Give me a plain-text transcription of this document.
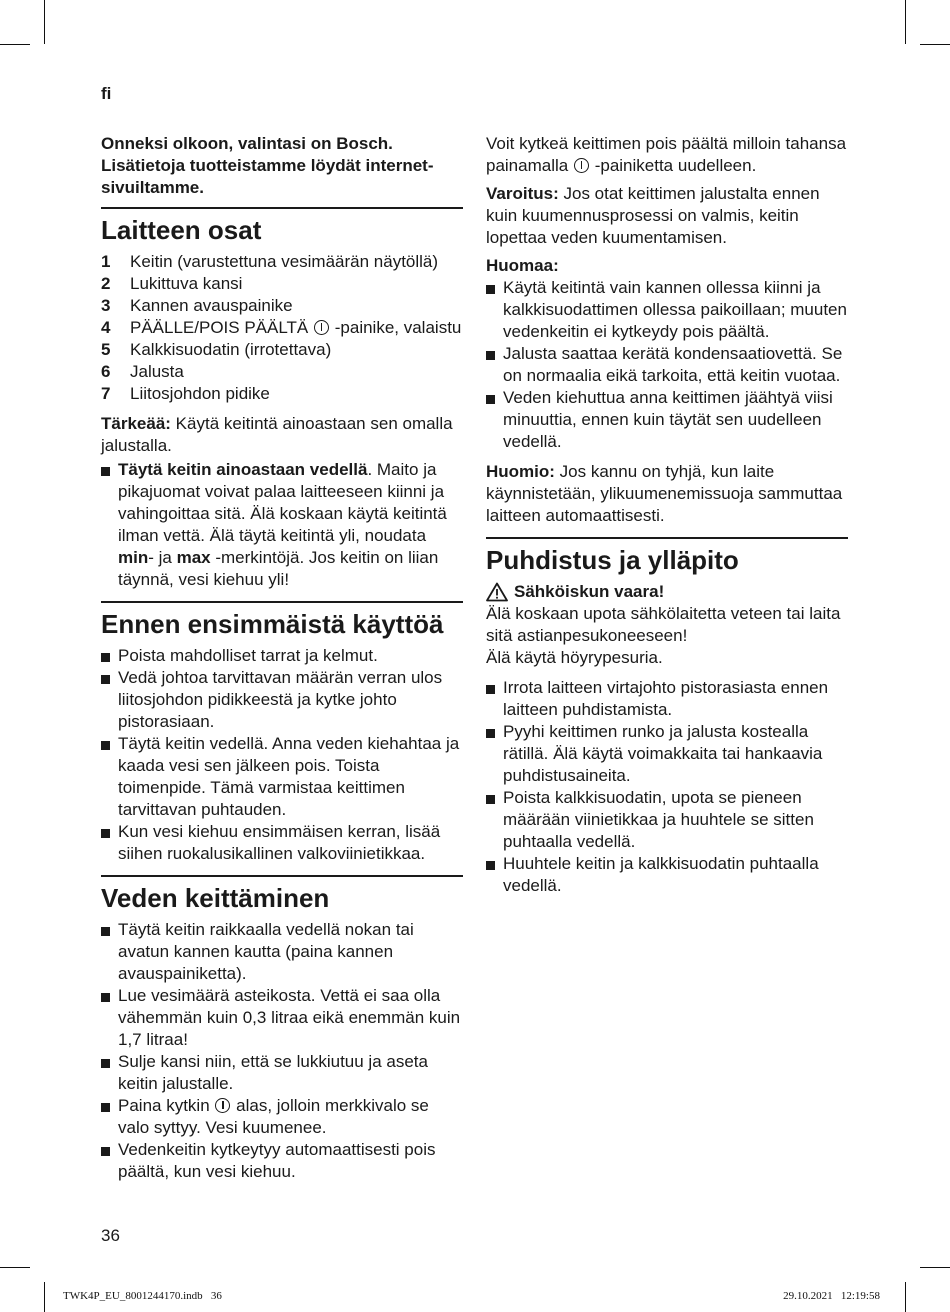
fi

Onneksi olkoon, valintasi on Bosch. Lisätietoja tuotteistamme löydät internet-sivuiltamme.

Laitteen osat
1	Keitin (varustettuna vesimäärän näytöllä)
2	Lukittuva kansi
3	Kannen avauspainike
4	PÄÄLLE/POIS PÄÄLTÄ -painike, valaistu
5	Kalkkisuodatin (irrotettava)
6	Jalusta
7	Liitosjohdon pidike

Tärkeää: Käytä keitintä ainoastaan sen omalla jalustalla.

Täytä keitin ainoastaan vedellä. Maito ja pikajuomat voivat palaa laitteeseen kiinni ja vahingoittaa sitä. Älä koskaan käytä keitintä ilman vettä. Älä täytä keitintä yli, noudata min- ja max -merkintöjä. Jos keitin on liian täynnä, vesi kiehuu yli!
Ennen ensimmäistä käyttöä
Poista mahdolliset tarrat ja kelmut.
Vedä johtoa tarvittavan määrän verran ulos liitosjohdon pidikkeestä ja kytke johto pistorasiaan.
Täytä keitin vedellä. Anna veden kiehahtaa ja kaada vesi sen jälkeen pois. Toista toimenpide. Tämä varmistaa keittimen tarvittavan puhtauden.
Kun vesi kiehuu ensimmäisen kerran, lisää siihen ruokalusikallinen valkoviinietikkaa.
Veden keittäminen
Täytä keitin raikkaalla vedellä nokan tai avatun kannen kautta (paina kannen avauspainiketta).
Lue vesimäärä asteikosta. Vettä ei saa olla vähemmän kuin 0,3 litraa eikä enemmän kuin 1,7 litraa!
Sulje kansi niin, että se lukkiutuu ja aseta keitin jalustalle.
Paina kytkin alas, jolloin merkkivalo se valo syttyy. Vesi kuumenee.
Vedenkeitin kytkeytyy automaattisesti pois päältä, kun vesi kiehuu.

Voit kytkeä keittimen pois päältä milloin tahansa painamalla -painiketta uudelleen.

Varoitus: Jos otat keittimen jalustalta ennen kuin kuumennusprosessi on valmis, keitin lopettaa veden kuumentamisen.

Huomaa:

Käytä keitintä vain kannen ollessa kiinni ja kalkkisuodattimen ollessa paikoillaan; muuten vedenkeitin ei kytkeydy pois päältä.
Jalusta saattaa kerätä kondensaatiovettä. Se on normaalia eikä tarkoita, että keitin vuotaa.
Veden kiehuttua anna keittimen jäähtyä viisi minuuttia, ennen kuin täytät sen uudelleen vedellä.

Huomio: Jos kannu on tyhjä, kun laite käynnistetään, ylikuumenemissuoja sammuttaa laitteen automaattisesti.

Puhdistus ja ylläpito
Sähköiskun vaara!

Älä koskaan upota sähkölaitetta veteen tai laita sitä astianpesukoneeseen!

Älä käytä höyrypesuria.

Irrota laitteen virtajohto pistorasiasta ennen laitteen puhdistamista.
Pyyhi keittimen runko ja jalusta kostealla rätillä. Älä käytä voimakkaita tai hankaavia puhdistusaineita.
Poista kalkkisuodatin, upota se pieneen määrään viinietikkaa ja huuhtele se sitten puhtaalla vedellä.
Huuhtele keitin ja kalkkisuodatin puhtaalla vedellä.
36
TWK4P_EU_8001244170.indb   36	29.10.2021   12:19:58
